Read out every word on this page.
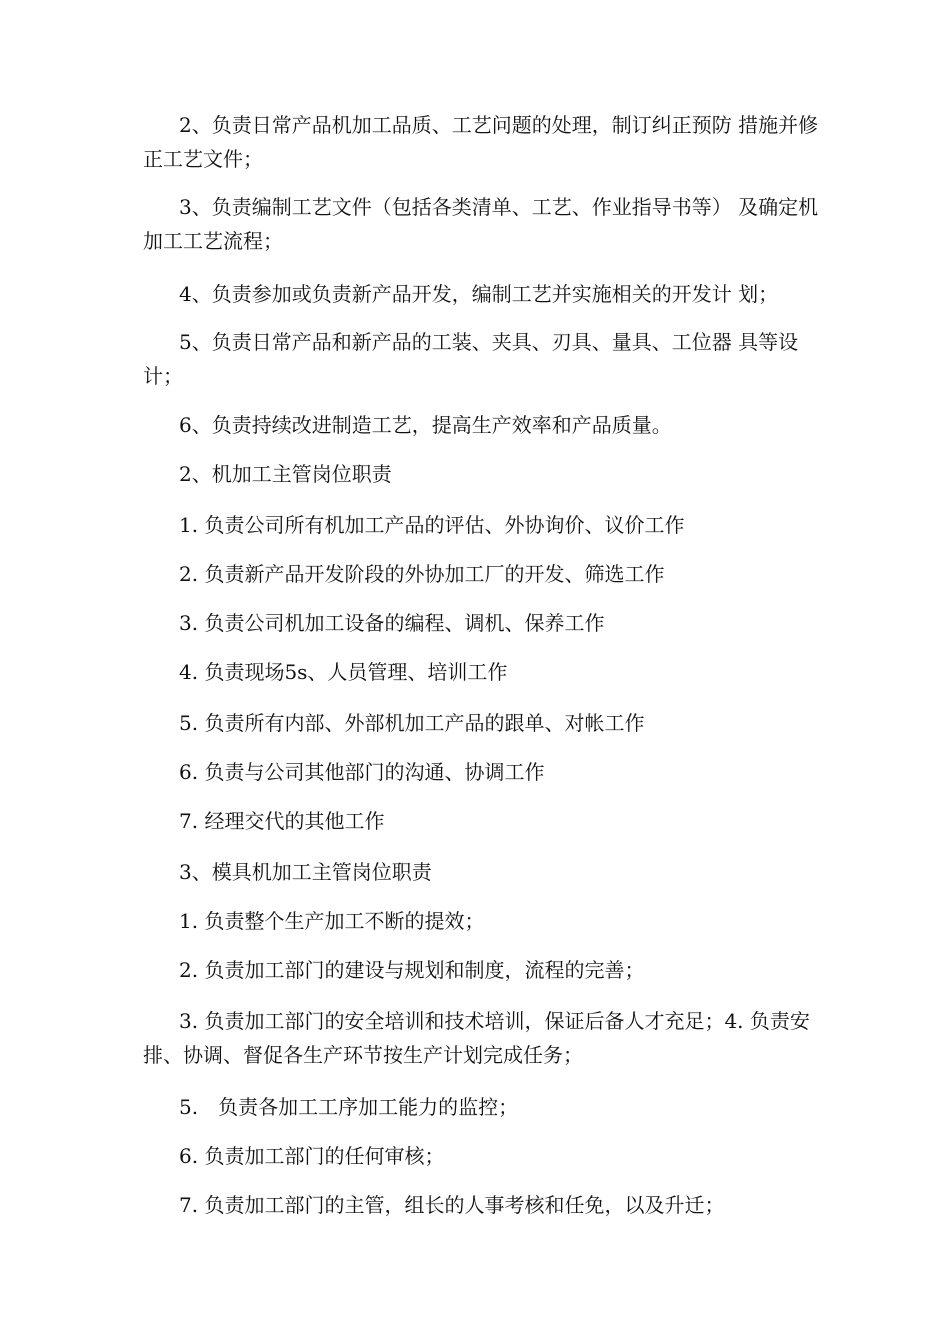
2、负责日常产品机加工品质、工艺问题的处理，制订纠正预防 措施并修正工艺文件；

3、负责编制工艺文件（包括各类清单、工艺、作业指导书等） 及确定机加工工艺流程；

4、负责参加或负责新产品开发，编制工艺并实施相关的开发计 划；

5、负责日常产品和新产品的工装、夹具、刃具、量具、工位器 具等设计；

6、负责持续改进制造工艺，提高生产效率和产品质量。

2、机加工主管岗位职责

1. 负责公司所有机加工产品的评估、外协询价、议价工作

2. 负责新产品开发阶段的外协加工厂的开发、筛选工作

3. 负责公司机加工设备的编程、调机、保养工作

4. 负责现场5s、人员管理、培训工作

5. 负责所有内部、外部机加工产品的跟单、对帐工作

6. 负责与公司其他部门的沟通、协调工作

7. 经理交代的其他工作

3、模具机加工主管岗位职责

1. 负责整个生产加工不断的提效；

2. 负责加工部门的建设与规划和制度，流程的完善；

3. 负责加工部门的安全培训和技术培训，保证后备人才充足；4. 负责安排、协调、督促各生产环节按生产计划完成任务；

5.　负责各加工工序加工能力的监控；

6. 负责加工部门的任何审核；

7. 负责加工部门的主管，组长的人事考核和任免，以及升迁；
